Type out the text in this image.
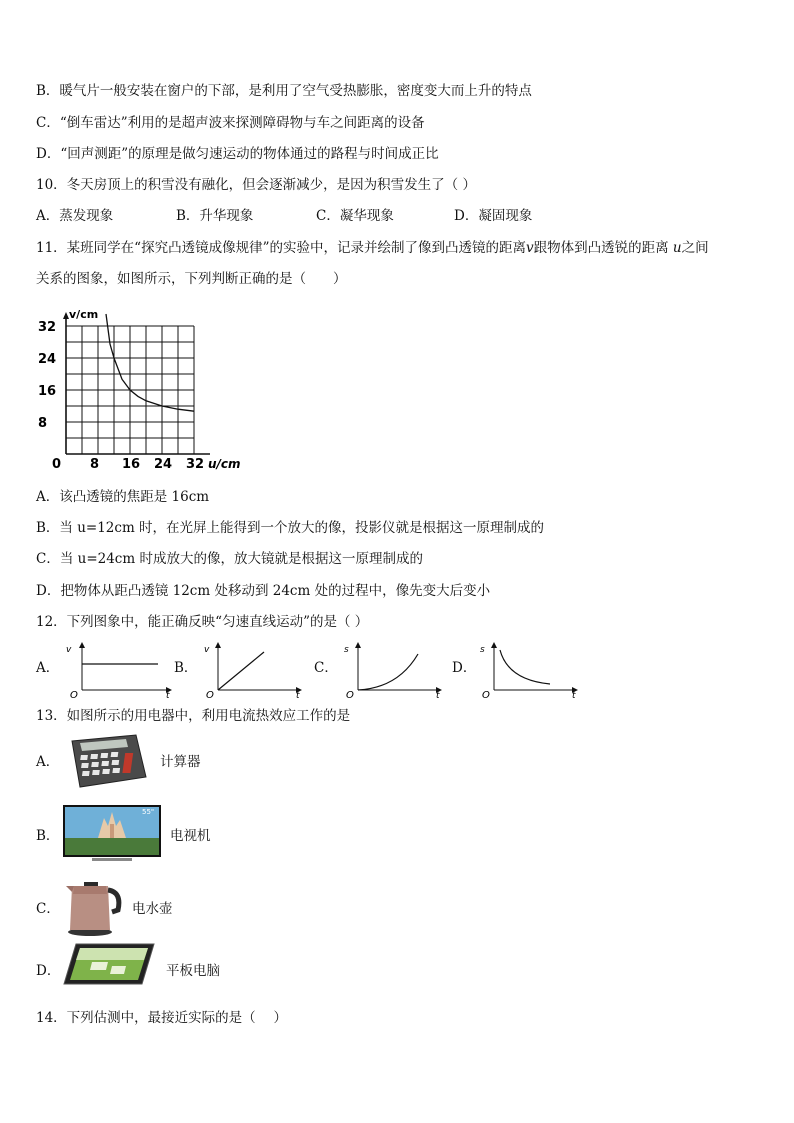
B．暖气片一般安装在窗户的下部，是利用了空气受热膨胀，密度变大而上升的特点
C．“倒车雷达”利用的是超声波来探测障碍物与车之间距离的设备
D．“回声测距”的原理是做匀速运动的物体通过的路程与时间成正比
10．冬天房顶上的积雪没有融化，但会逐渐减少，是因为积雪发生了（ ）
A．蒸发现象	B．升华现象	C．凝华现象	D．凝固现象
11．某班同学在“探究凸透镜成像规律”的实验中，记录并绘制了像到凸透镜的距离v跟物体到凸透锐的距离 u之间
关系的图象，如图所示，下列判断正确的是（　　）
32
24
16
8
0 8 16 24 32
v/cm
u/cm
A．该凸透镜的焦距是 16cm
B．当 u=12cm 时，在光屏上能得到一个放大的像，投影仪就是根据这一原理制成的
C．当 u=24cm 时成放大的像，放大镜就是根据这一原理制成的
D．把物体从距凸透镜 12cm 处移动到 24cm 处的过程中，像先变大后变小
12．下列图象中，能正确反映“匀速直线运动”的是（ ）
A．
v
t
O
B．
v
t
O
C．
s
t
O
D．
s
t
O
13．如图所示的用电器中，利用电流热效应工作的是
A．	计算器
B．
55"
电视机
C．	电水壶
D．	平板电脑
14．下列估测中，最接近实际的是（　 ）
